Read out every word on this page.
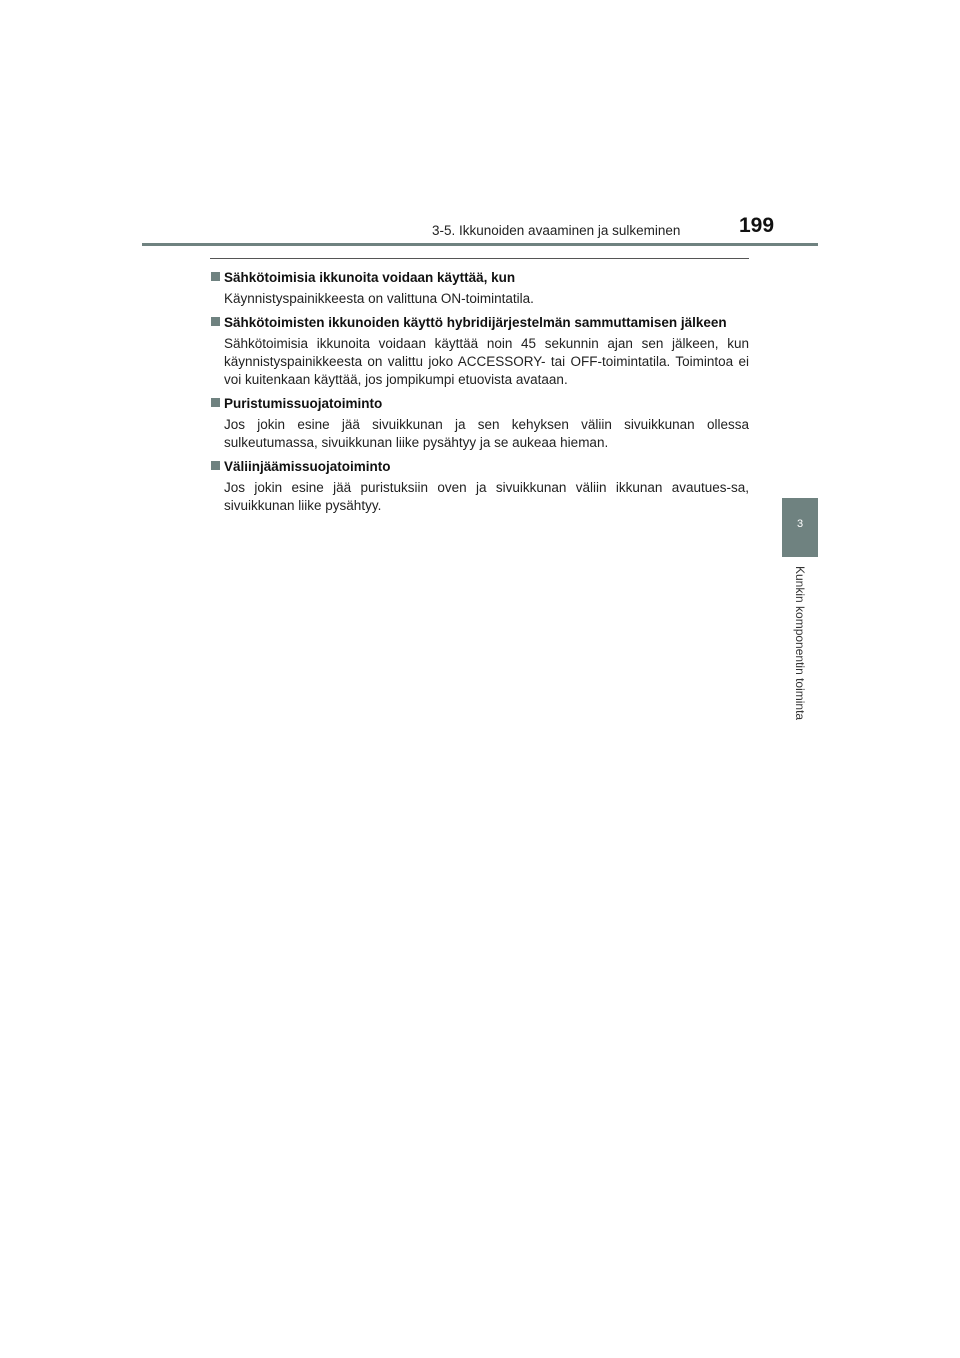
3-5. Ikkunoiden avaaminen ja sulkeminen	199
3
Kunkin komponentin toiminta
Sähkötoimisia ikkunoita voidaan käyttää, kun
Käynnistyspainikkeesta on valittuna ON-toimintatila.
Sähkötoimisten ikkunoiden käyttö hybridijärjestelmän sammuttamisen jälkeen
Sähkötoimisia ikkunoita voidaan käyttää noin 45 sekunnin ajan sen jälkeen, kun käynnistyspainikkeesta on valittu joko ACCESSORY- tai OFF-toimintatila. Toimintoa ei voi kuitenkaan käyttää, jos jompikumpi etuovista avataan.
Puristumissuojatoiminto
Jos jokin esine jää sivuikkunan ja sen kehyksen väliin sivuikkunan ollessa sulkeutumassa, sivuikkunan liike pysähtyy ja se aukeaa hieman.
Väliinjäämissuojatoiminto
Jos jokin esine jää puristuksiin oven ja sivuikkunan väliin ikkunan avautues-sa, sivuikkunan liike pysähtyy.
